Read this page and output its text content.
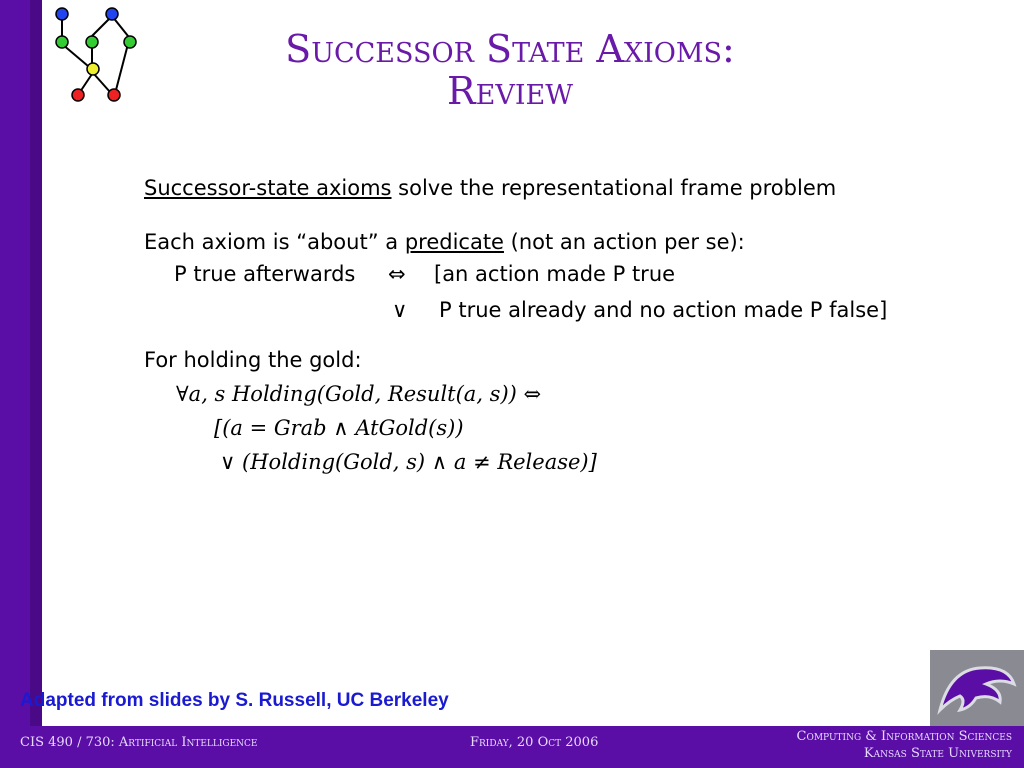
Successor State Axioms:
Review
Successor-state axioms solve the representational frame problem
Each axiom is “about” a predicate (not an action per se):
P true afterwards ⇔ [an action made P true
∨ P true already and no action made P false]
For holding the gold:
∀a, s Holding(Gold, Result(a, s)) ⇔
[(a = Grab ∧ AtGold(s))
∨ (Holding(Gold, s) ∧ a ≠ Release)]
Adapted from slides by S. Russell, UC Berkeley
CIS 490 / 730: Artificial Intelligence	Friday, 20 Oct 2006	Computing & Information Sciences
Kansas State University
